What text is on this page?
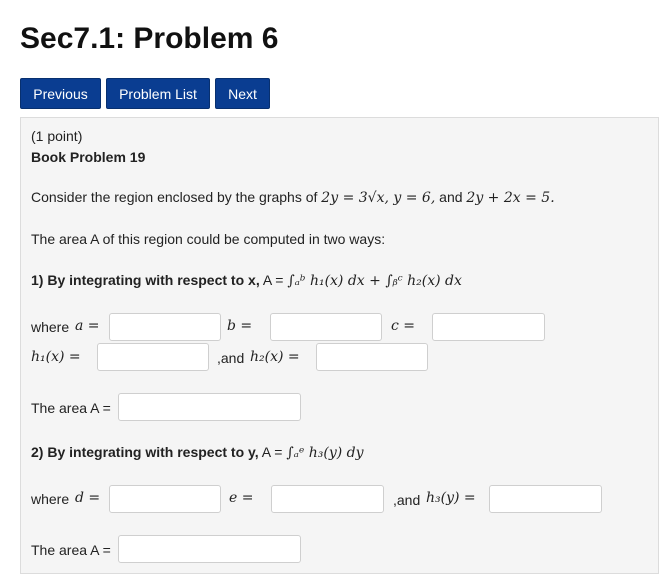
Sec7.1: Problem 6
Previous	Problem List	Next
(1 point)
Book Problem 19
Consider the region enclosed by the graphs of 2y = 3√x, y = 6, and 2y + 2x = 5.
The area A of this region could be computed in two ways:
1) By integrating with respect to x, A = ∫ₐᵇ h₁(x) dx + ∫ᵦᶜ h₂(x) dx
where a =	b =	c =
h₁(x) =	,and h₂(x) =
The area A =
2) By integrating with respect to y, A = ∫ₐᵉ h₃(y) dy
where d =	e =	,and h₃(y) =
The area A =
